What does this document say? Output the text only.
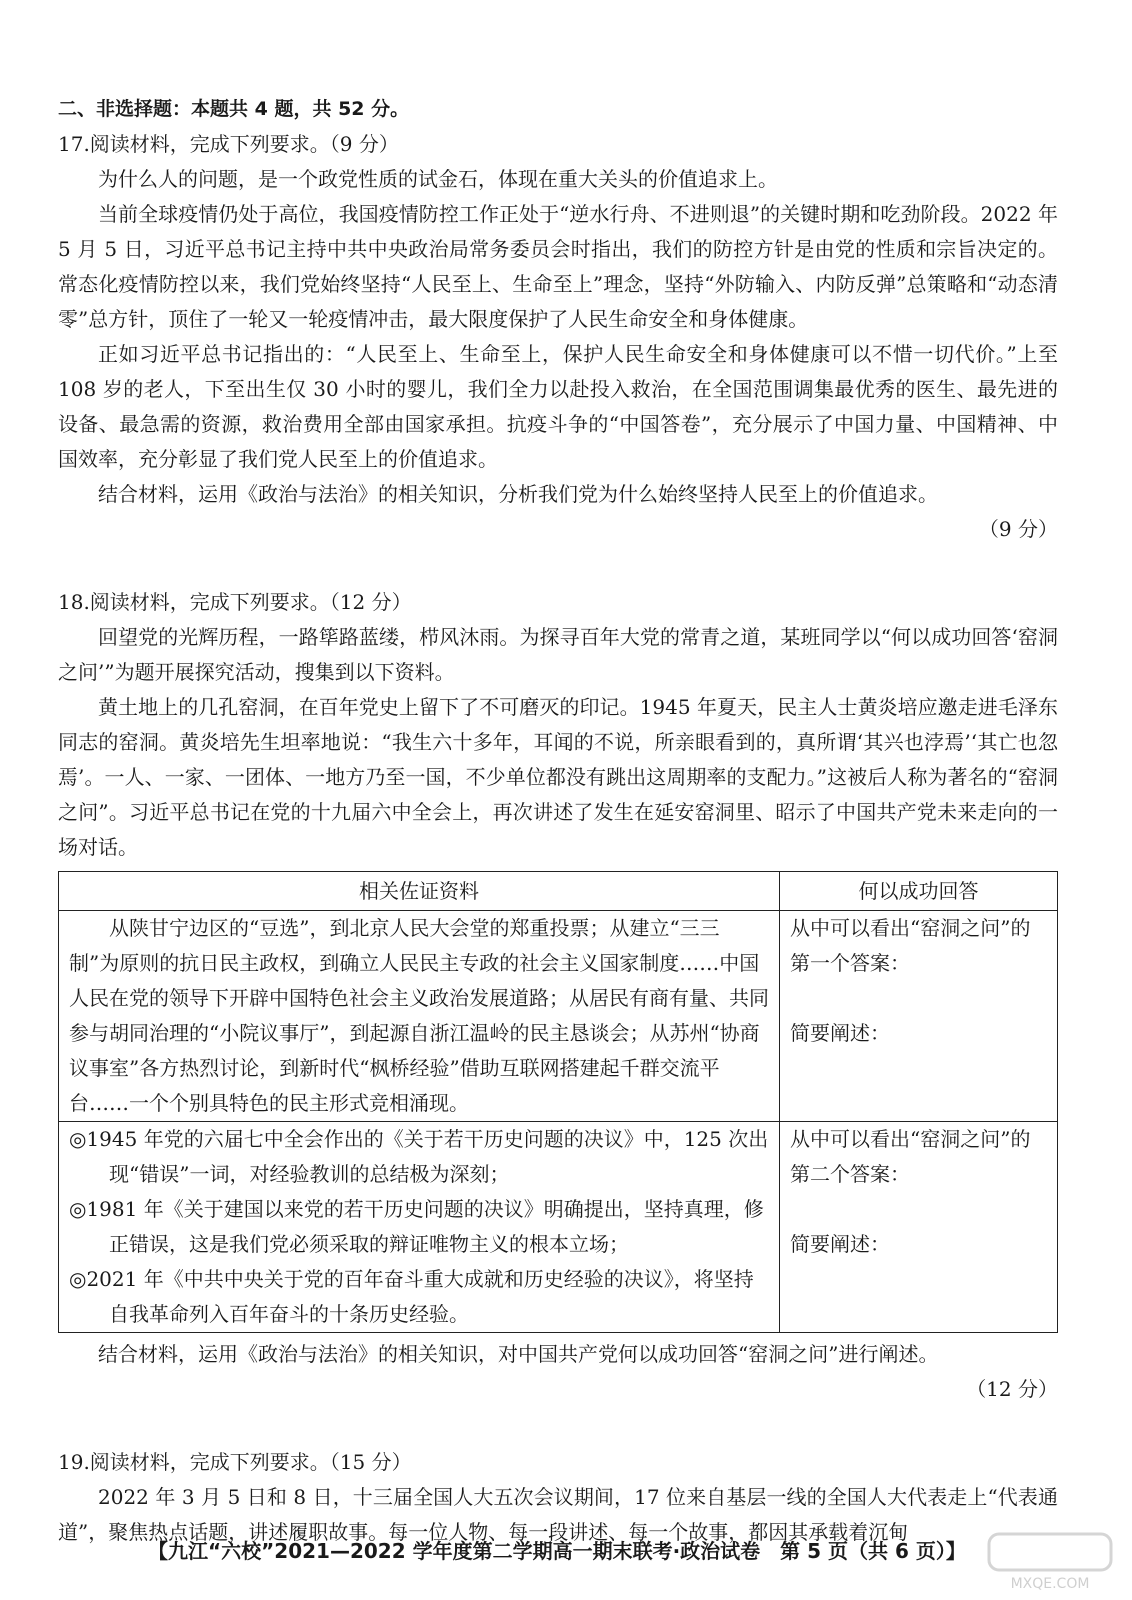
二、非选择题：本题共 4 题，共 52 分。

17.阅读材料，完成下列要求。（9 分）

为什么人的问题，是一个政党性质的试金石，体现在重大关头的价值追求上。

当前全球疫情仍处于高位，我国疫情防控工作正处于“逆水行舟、不进则退”的关键时期和吃劲阶段。2022 年 5 月 5 日，习近平总书记主持中共中央政治局常务委员会时指出，我们的防控方针是由党的性质和宗旨决定的。常态化疫情防控以来，我们党始终坚持“人民至上、生命至上”理念，坚持“外防输入、内防反弹”总策略和“动态清零”总方针，顶住了一轮又一轮疫情冲击，最大限度保护了人民生命安全和身体健康。

正如习近平总书记指出的：“人民至上、生命至上，保护人民生命安全和身体健康可以不惜一切代价。”上至 108 岁的老人，下至出生仅 30 小时的婴儿，我们全力以赴投入救治，在全国范围调集最优秀的医生、最先进的设备、最急需的资源，救治费用全部由国家承担。抗疫斗争的“中国答卷”，充分展示了中国力量、中国精神、中国效率，充分彰显了我们党人民至上的价值追求。

结合材料，运用《政治与法治》的相关知识，分析我们党为什么始终坚持人民至上的价值追求。

（9 分）

18.阅读材料，完成下列要求。（12 分）

回望党的光辉历程，一路筚路蓝缕，栉风沐雨。为探寻百年大党的常青之道，某班同学以“何以成功回答‘窑洞之问’”为题开展探究活动，搜集到以下资料。

黄土地上的几孔窑洞，在百年党史上留下了不可磨灭的印记。1945 年夏天，民主人士黄炎培应邀走进毛泽东同志的窑洞。黄炎培先生坦率地说：“我生六十多年，耳闻的不说，所亲眼看到的，真所谓‘其兴也浡焉’‘其亡也忽焉’。一人、一家、一团体、一地方乃至一国，不少单位都没有跳出这周期率的支配力。”这被后人称为著名的“窑洞之问”。习近平总书记在党的十九届六中全会上，再次讲述了发生在延安窑洞里、昭示了中国共产党未来走向的一场对话。

相关佐证资料	何以成功回答

从陕甘宁边区的“豆选”，到北京人民大会堂的郑重投票；从建立“三三制”为原则的抗日民主政权，到确立人民民主专政的社会主义国家制度……中国人民在党的领导下开辟中国特色社会主义政治发展道路；从居民有商有量、共同参与胡同治理的“小院议事厅”，到起源自浙江温岭的民主恳谈会；从苏州“协商议事室”各方热烈讨论，到新时代“枫桥经验”借助互联网搭建起千群交流平台……一个个别具特色的民主形式竞相涌现。	从中可以看出“窑洞之问”的第一个答案：
简要阐述：

◎1945 年党的六届七中全会作出的《关于若干历史问题的决议》中，125 次出现“错误”一词，对经验教训的总结极为深刻；
◎1981 年《关于建国以来党的若干历史问题的决议》明确提出，坚持真理，修正错误，这是我们党必须采取的辩证唯物主义的根本立场；
◎2021 年《中共中央关于党的百年奋斗重大成就和历史经验的决议》，将坚持自我革命列入百年奋斗的十条历史经验。	从中可以看出“窑洞之问”的第二个答案：
简要阐述：

结合材料，运用《政治与法治》的相关知识，对中国共产党何以成功回答“窑洞之问”进行阐述。

（12 分）

19.阅读材料，完成下列要求。（15 分）

2022 年 3 月 5 日和 8 日，十三届全国人大五次会议期间，17 位来自基层一线的全国人大代表走上“代表通道”，聚焦热点话题，讲述履职故事。每一位人物、每一段讲述、每一个故事，都因其承载着沉甸

【九江“六校”2021—2022 学年度第二学期高一期末联考·政治试卷　第 5 页（共 6 页）】
MXQE.COM
